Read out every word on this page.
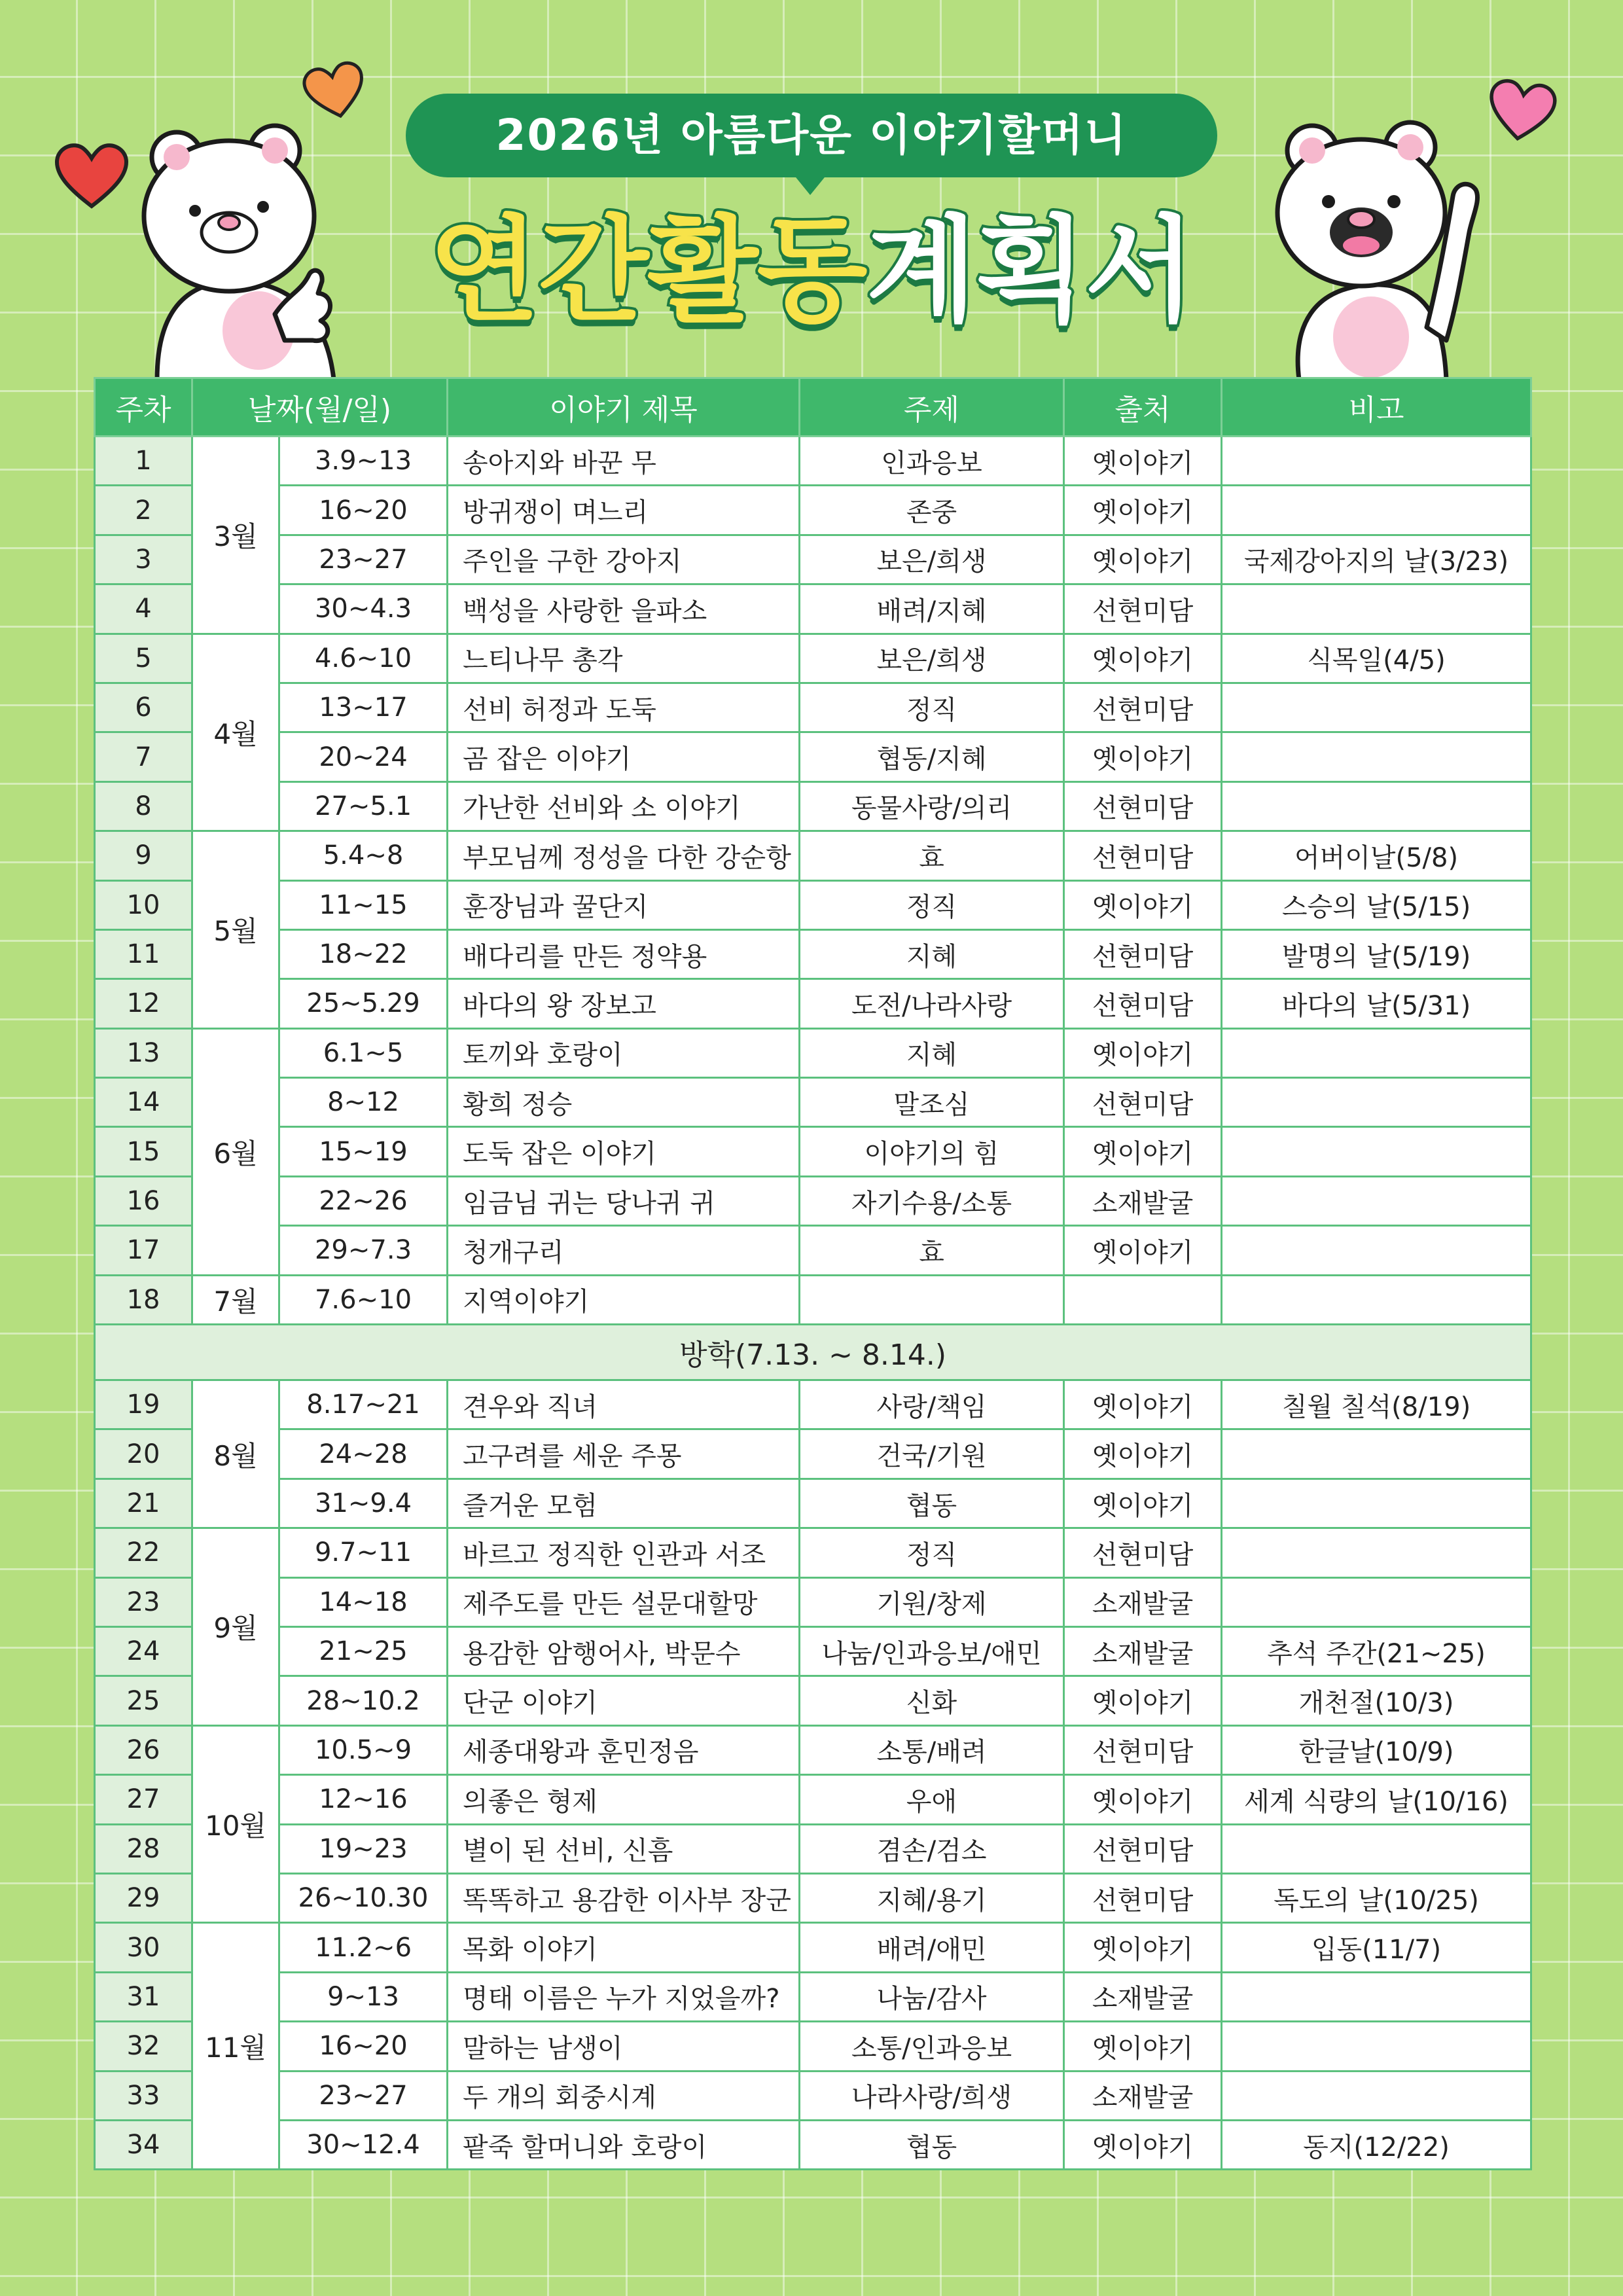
2026년 아름다운 이야기할머니
연간활동계획서
주차	날짜(월/일)		이야기 제목	주제	출처	비고
1	3월	3.9~13	송아지와 바꾼 무	인과응보	옛이야기	
2		16~20	방귀쟁이 며느리	존중	옛이야기	
3		23~27	주인을 구한 강아지	보은/희생	옛이야기	국제강아지의 날(3/23)
4		30~4.3	백성을 사랑한 을파소	배려/지혜	선현미담	
5	4월	4.6~10	느티나무 총각	보은/희생	옛이야기	식목일(4/5)
6		13~17	선비 허정과 도둑	정직	선현미담	
7		20~24	곰 잡은 이야기	협동/지혜	옛이야기	
8		27~5.1	가난한 선비와 소 이야기	동물사랑/의리	선현미담	
9	5월	5.4~8	부모님께 정성을 다한 강순항	효	선현미담	어버이날(5/8)
10		11~15	훈장님과 꿀단지	정직	옛이야기	스승의 날(5/15)
11		18~22	배다리를 만든 정약용	지혜	선현미담	발명의 날(5/19)
12		25~5.29	바다의 왕 장보고	도전/나라사랑	선현미담	바다의 날(5/31)
13	6월	6.1~5	토끼와 호랑이	지혜	옛이야기	
14		8~12	황희 정승	말조심	선현미담	
15		15~19	도둑 잡은 이야기	이야기의 힘	옛이야기	
16		22~26	임금님 귀는 당나귀 귀	자기수용/소통	소재발굴	
17		29~7.3	청개구리	효	옛이야기	
18	7월	7.6~10	지역이야기			
방학(7.13. ~ 8.14.)						
19	8월	8.17~21	견우와 직녀	사랑/책임	옛이야기	칠월 칠석(8/19)
20		24~28	고구려를 세운 주몽	건국/기원	옛이야기	
21		31~9.4	즐거운 모험	협동	옛이야기	
22	9월	9.7~11	바르고 정직한 인관과 서조	정직	선현미담	
23		14~18	제주도를 만든 설문대할망	기원/창제	소재발굴	
24		21~25	용감한 암행어사, 박문수	나눔/인과응보/애민	소재발굴	추석 주간(21~25)
25		28~10.2	단군 이야기	신화	옛이야기	개천절(10/3)
26	10월	10.5~9	세종대왕과 훈민정음	소통/배려	선현미담	한글날(10/9)
27		12~16	의좋은 형제	우애	옛이야기	세계 식량의 날(10/16)
28		19~23	별이 된 선비, 신흠	겸손/검소	선현미담	
29		26~10.30	똑똑하고 용감한 이사부 장군	지혜/용기	선현미담	독도의 날(10/25)
30	11월	11.2~6	목화 이야기	배려/애민	옛이야기	입동(11/7)
31		9~13	명태 이름은 누가 지었을까?	나눔/감사	소재발굴	
32		16~20	말하는 남생이	소통/인과응보	옛이야기	
33		23~27	두 개의 회중시계	나라사랑/희생	소재발굴	
34		30~12.4	팥죽 할머니와 호랑이	협동	옛이야기	동지(12/22)
